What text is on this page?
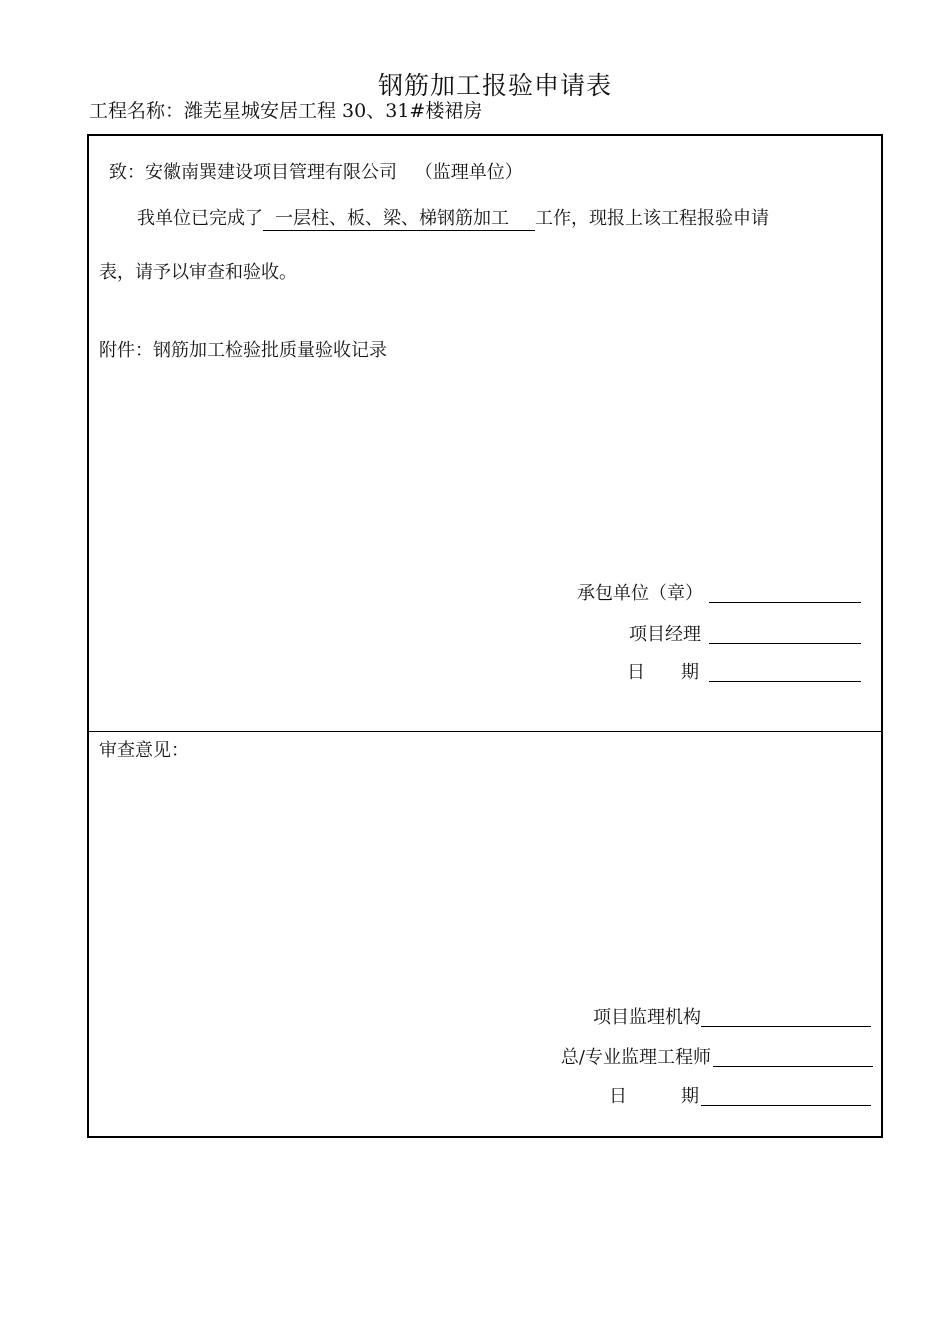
钢筋加工报验申请表
工程名称：潍芜星城安居工程 30、31#楼裙房
致：安徽南巽建设项目管理有限公司 （监理单位）
我单位已完成了 一层柱、板、梁、梯钢筋加工 工作，现报上该工程报验申请
表，请予以审查和验收。
附件：钢筋加工检验批质量验收记录
承包单位（章）
项目经理
日　　期
审查意见：
项目监理机构
总/专业监理工程师
日　　　期
